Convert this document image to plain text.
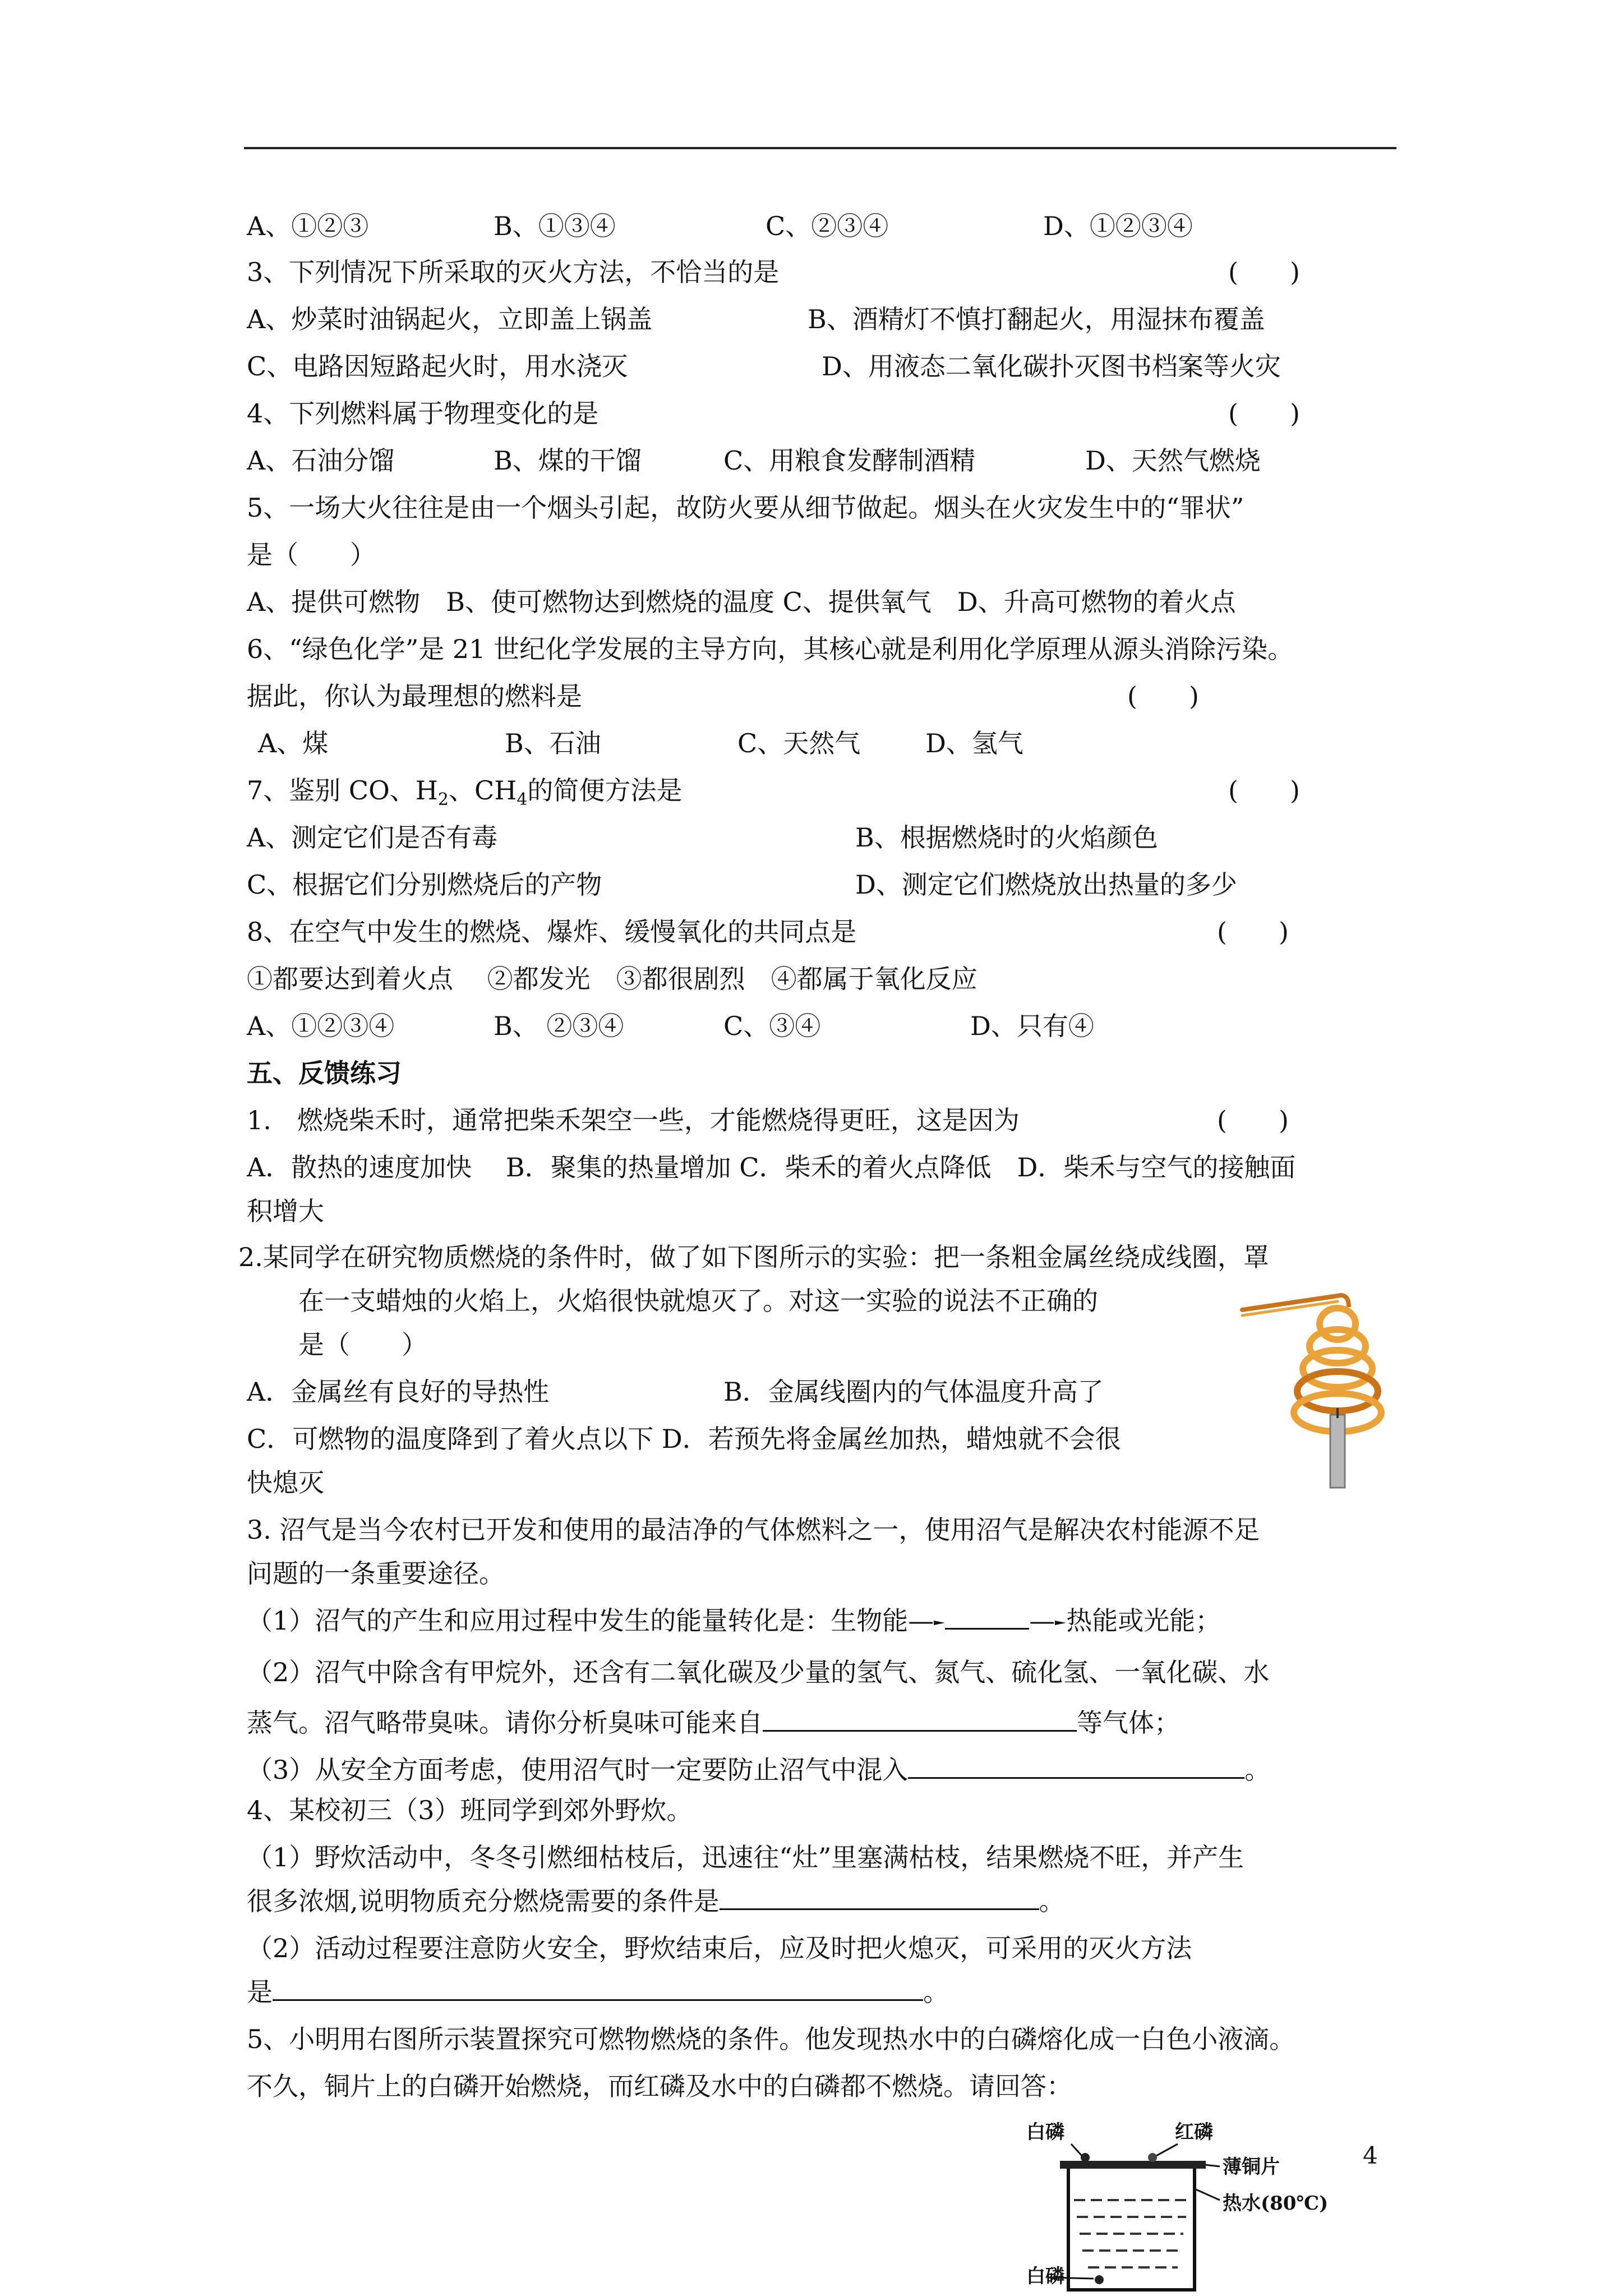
A、①②③	B、①③④	C、②③④	D、①②③④
3、下列情况下所采取的灭火方法，不恰当的是	(　　)
A、炒菜时油锅起火，立即盖上锅盖	B、酒精灯不慎打翻起火，用湿抹布覆盖
C、电路因短路起火时，用水浇灭	D、用液态二氧化碳扑灭图书档案等火灾
4、下列燃料属于物理变化的是	(　　)
A、石油分馏	B、煤的干馏	C、用粮食发酵制酒精	D、天然气燃烧
5、一场大火往往是由一个烟头引起，故防火要从细节做起。烟头在火灾发生中的“罪状”
是（　　）
A、提供可燃物　B、使可燃物达到燃烧的温度 C、提供氧气　D、升高可燃物的着火点
6、“绿色化学”是 21 世纪化学发展的主导方向，其核心就是利用化学原理从源头消除污染。
据此，你认为最理想的燃料是	(　　)
A、煤	B、石油	C、天然气	D、氢气
7、鉴别 CO、$H_2$、$CH_4$的简便方法是	(　　)
A、测定它们是否有毒	B、根据燃烧时的火焰颜色
C、根据它们分别燃烧后的产物	D、测定它们燃烧放出热量的多少
8、在空气中发生的燃烧、爆炸、缓慢氧化的共同点是	(　　)
①都要达到着火点　 ②都发光　③都很剧烈　④都属于氧化反应
A、①②③④	B、 ②③④	C、③④	D、只有④
五、反馈练习
1.　燃烧柴禾时，通常把柴禾架空一些，才能燃烧得更旺，这是因为	(　　)
A．散热的速度加快　 B．聚集的热量增加 C．柴禾的着火点降低　D．柴禾与空气的接触面
积增大
2.某同学在研究物质燃烧的条件时，做了如下图所示的实验：把一条粗金属丝绕成线圈，罩
在一支蜡烛的火焰上，火焰很快就熄灭了。对这一实验的说法不正确的
是（　　）
A．金属丝有良好的导热性	B．金属线圈内的气体温度升高了
C．可燃物的温度降到了着火点以下 D．若预先将金属丝加热，蜡烛就不会很
快熄灭
3. 沼气是当今农村已开发和使用的最洁净的气体燃料之一，使用沼气是解决农村能源不足
问题的一条重要途径。
（1）沼气的产生和应用过程中发生的能量转化是：生物能—	— 热能或光能；
（2）沼气中除含有甲烷外，还含有二氧化碳及少量的氢气、氮气、硫化氢、一氧化碳、水
蒸气。沼气略带臭味。请你分析臭味可能来自	等气体；
（3）从安全方面考虑，使用沼气时一定要防止沼气中混入	。
4、某校初三（3）班同学到郊外野炊。
（1）野炊活动中，冬冬引燃细枯枝后，迅速往“灶”里塞满枯枝，结果燃烧不旺，并产生
很多浓烟,说明物质充分燃烧需要的条件是	。
（2）活动过程要注意防火安全，野炊结束后，应及时把火熄灭，可采用的灭火方法
是	。
5、小明用右图所示装置探究可燃物燃烧的条件。他发现热水中的白磷熔化成一白色小液滴。
不久，铜片上的白磷开始燃烧，而红磷及水中的白磷都不燃烧。请回答：
白磷	红磷
薄铜片
热水(80℃)
白磷
4
